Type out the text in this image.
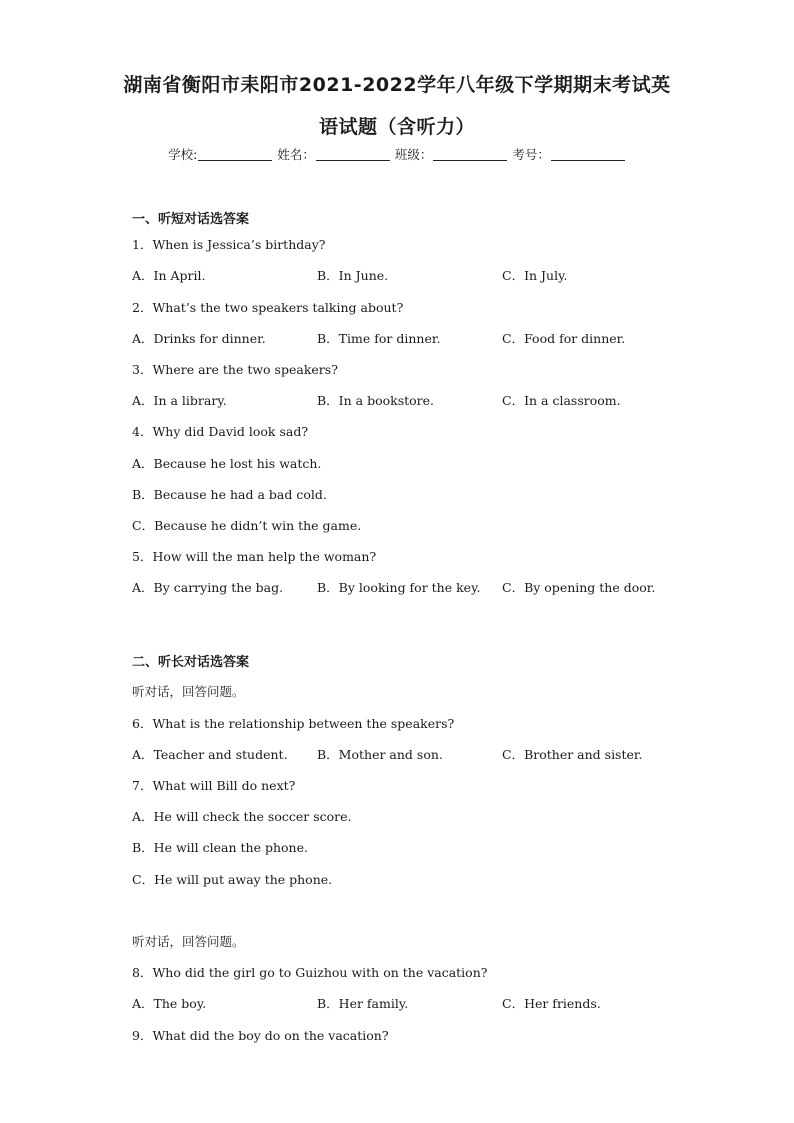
湖南省衡阳市耒阳市2021-2022学年八年级下学期期末考试英
语试题（含听力）
学校:	姓名：	班级：	考号：
一、听短对话选答案
1．When is Jessica’s birthday?
A．In April.	B．In June.	C．In July.
2．What’s the two speakers talking about?
A．Drinks for dinner.	B．Time for dinner.	C．Food for dinner.
3．Where are the two speakers?
A．In a library.	B．In a bookstore.	C．In a classroom.
4．Why did David look sad?
A．Because he lost his watch.
B．Because he had a bad cold.
C．Because he didn’t win the game.
5．How will the man help the woman?
A．By carrying the bag.	B．By looking for the key. C．By opening the door.
二、听长对话选答案
听对话，回答问题。
6．What is the relationship between the speakers?
A．Teacher and student. B．Mother and son.	C．Brother and sister.
7．What will Bill do next?
A．He will check the soccer score.
B．He will clean the phone.
C．He will put away the phone.
听对话，回答问题。
8．Who did the girl go to Guizhou with on the vacation?
A．The boy.	B．Her family.	C．Her friends.
9．What did the boy do on the vacation?
